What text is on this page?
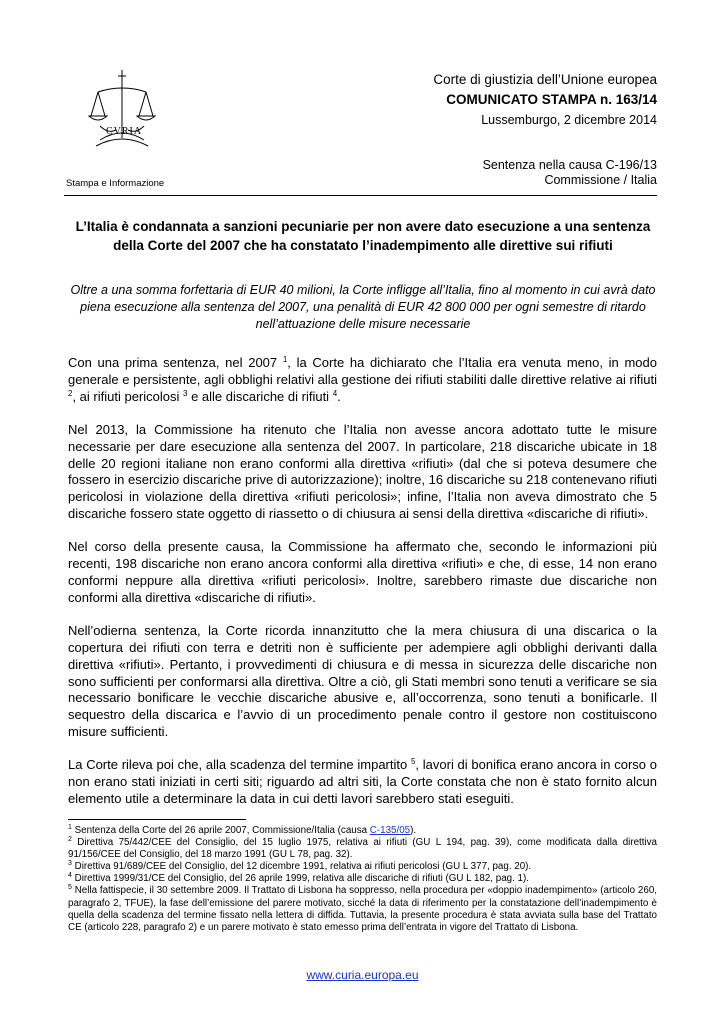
CVRIA
Stampa e Informazione
Corte di giustizia dell’Unione europea
COMUNICATO STAMPA n. 163/14
Lussemburgo, 2 dicembre 2014
Sentenza nella causa C-196/13
Commissione / Italia
L’Italia è condannata a sanzioni pecuniarie per non avere dato esecuzione a una sentenza della Corte del 2007 che ha constatato l’inadempimento alle direttive sui rifiuti
Oltre a una somma forfettaria di EUR 40 milioni, la Corte infligge all’Italia, fino al momento in cui avrà dato piena esecuzione alla sentenza del 2007, una penalità di EUR 42 800 000 per ogni semestre di ritardo nell’attuazione delle misure necessarie

Con una prima sentenza, nel 2007 $^1$, la Corte ha dichiarato che l’Italia era venuta meno, in modo generale e persistente, agli obblighi relativi alla gestione dei rifiuti stabiliti dalle direttive relative ai rifiuti $^2$, ai rifiuti pericolosi $^3$ e alle discariche di rifiuti $^4$.

Nel 2013, la Commissione ha ritenuto che l’Italia non avesse ancora adottato tutte le misure necessarie per dare esecuzione alla sentenza del 2007. In particolare, 218 discariche ubicate in 18 delle 20 regioni italiane non erano conformi alla direttiva «rifiuti» (dal che si poteva desumere che fossero in esercizio discariche prive di autorizzazione); inoltre, 16 discariche su 218 contenevano rifiuti pericolosi in violazione della direttiva «rifiuti pericolosi»; infine, l’Italia non aveva dimostrato che 5 discariche fossero state oggetto di riassetto o di chiusura ai sensi della direttiva «discariche di rifiuti».

Nel corso della presente causa, la Commissione ha affermato che, secondo le informazioni più recenti, 198 discariche non erano ancora conformi alla direttiva «rifiuti» e che, di esse, 14 non erano conformi neppure alla direttiva «rifiuti pericolosi». Inoltre, sarebbero rimaste due discariche non conformi alla direttiva «discariche di rifiuti».

Nell’odierna sentenza, la Corte ricorda innanzitutto che la mera chiusura di una discarica o la copertura dei rifiuti con terra e detriti non è sufficiente per adempiere agli obblighi derivanti dalla direttiva «rifiuti». Pertanto, i provvedimenti di chiusura e di messa in sicurezza delle discariche non sono sufficienti per conformarsi alla direttiva. Oltre a ciò, gli Stati membri sono tenuti a verificare se sia necessario bonificare le vecchie discariche abusive e, all’occorrenza, sono tenuti a bonificarle. Il sequestro della discarica e l’avvio di un procedimento penale contro il gestore non costituiscono misure sufficienti.

La Corte rileva poi che, alla scadenza del termine impartito $^5$, lavori di bonifica erano ancora in corso o non erano stati iniziati in certi siti; riguardo ad altri siti, la Corte constata che non è stato fornito alcun elemento utile a determinare la data in cui detti lavori sarebbero stati eseguiti.

$^1$ Sentenza della Corte del 26 aprile 2007, Commissione/Italia (causa C-135/05).

$^2$ Direttiva 75/442/CEE del Consiglio, del 15 luglio 1975, relativa ai rifiuti (GU L 194, pag. 39), come modificata dalla direttiva 91/156/CEE del Consiglio, del 18 marzo 1991 (GU L 78, pag. 32).

$^3$ Direttiva 91/689/CEE del Consiglio, del 12 dicembre 1991, relativa ai rifiuti pericolosi (GU L 377, pag. 20).

$^4$ Direttiva 1999/31/CE del Consiglio, del 26 aprile 1999, relativa alle discariche di rifiuti (GU L 182, pag. 1).

$^5$ Nella fattispecie, il 30 settembre 2009. Il Trattato di Lisbona ha soppresso, nella procedura per «doppio inadempimento» (articolo 260, paragrafo 2, TFUE), la fase dell’emissione del parere motivato, sicché la data di riferimento per la constatazione dell’inadempimento è quella della scadenza del termine fissato nella lettera di diffida. Tuttavia, la presente procedura è stata avviata sulla base del Trattato CE (articolo 228, paragrafo 2) e un parere motivato è stato emesso prima dell’entrata in vigore del Trattato di Lisbona.

www.curia.europa.eu
